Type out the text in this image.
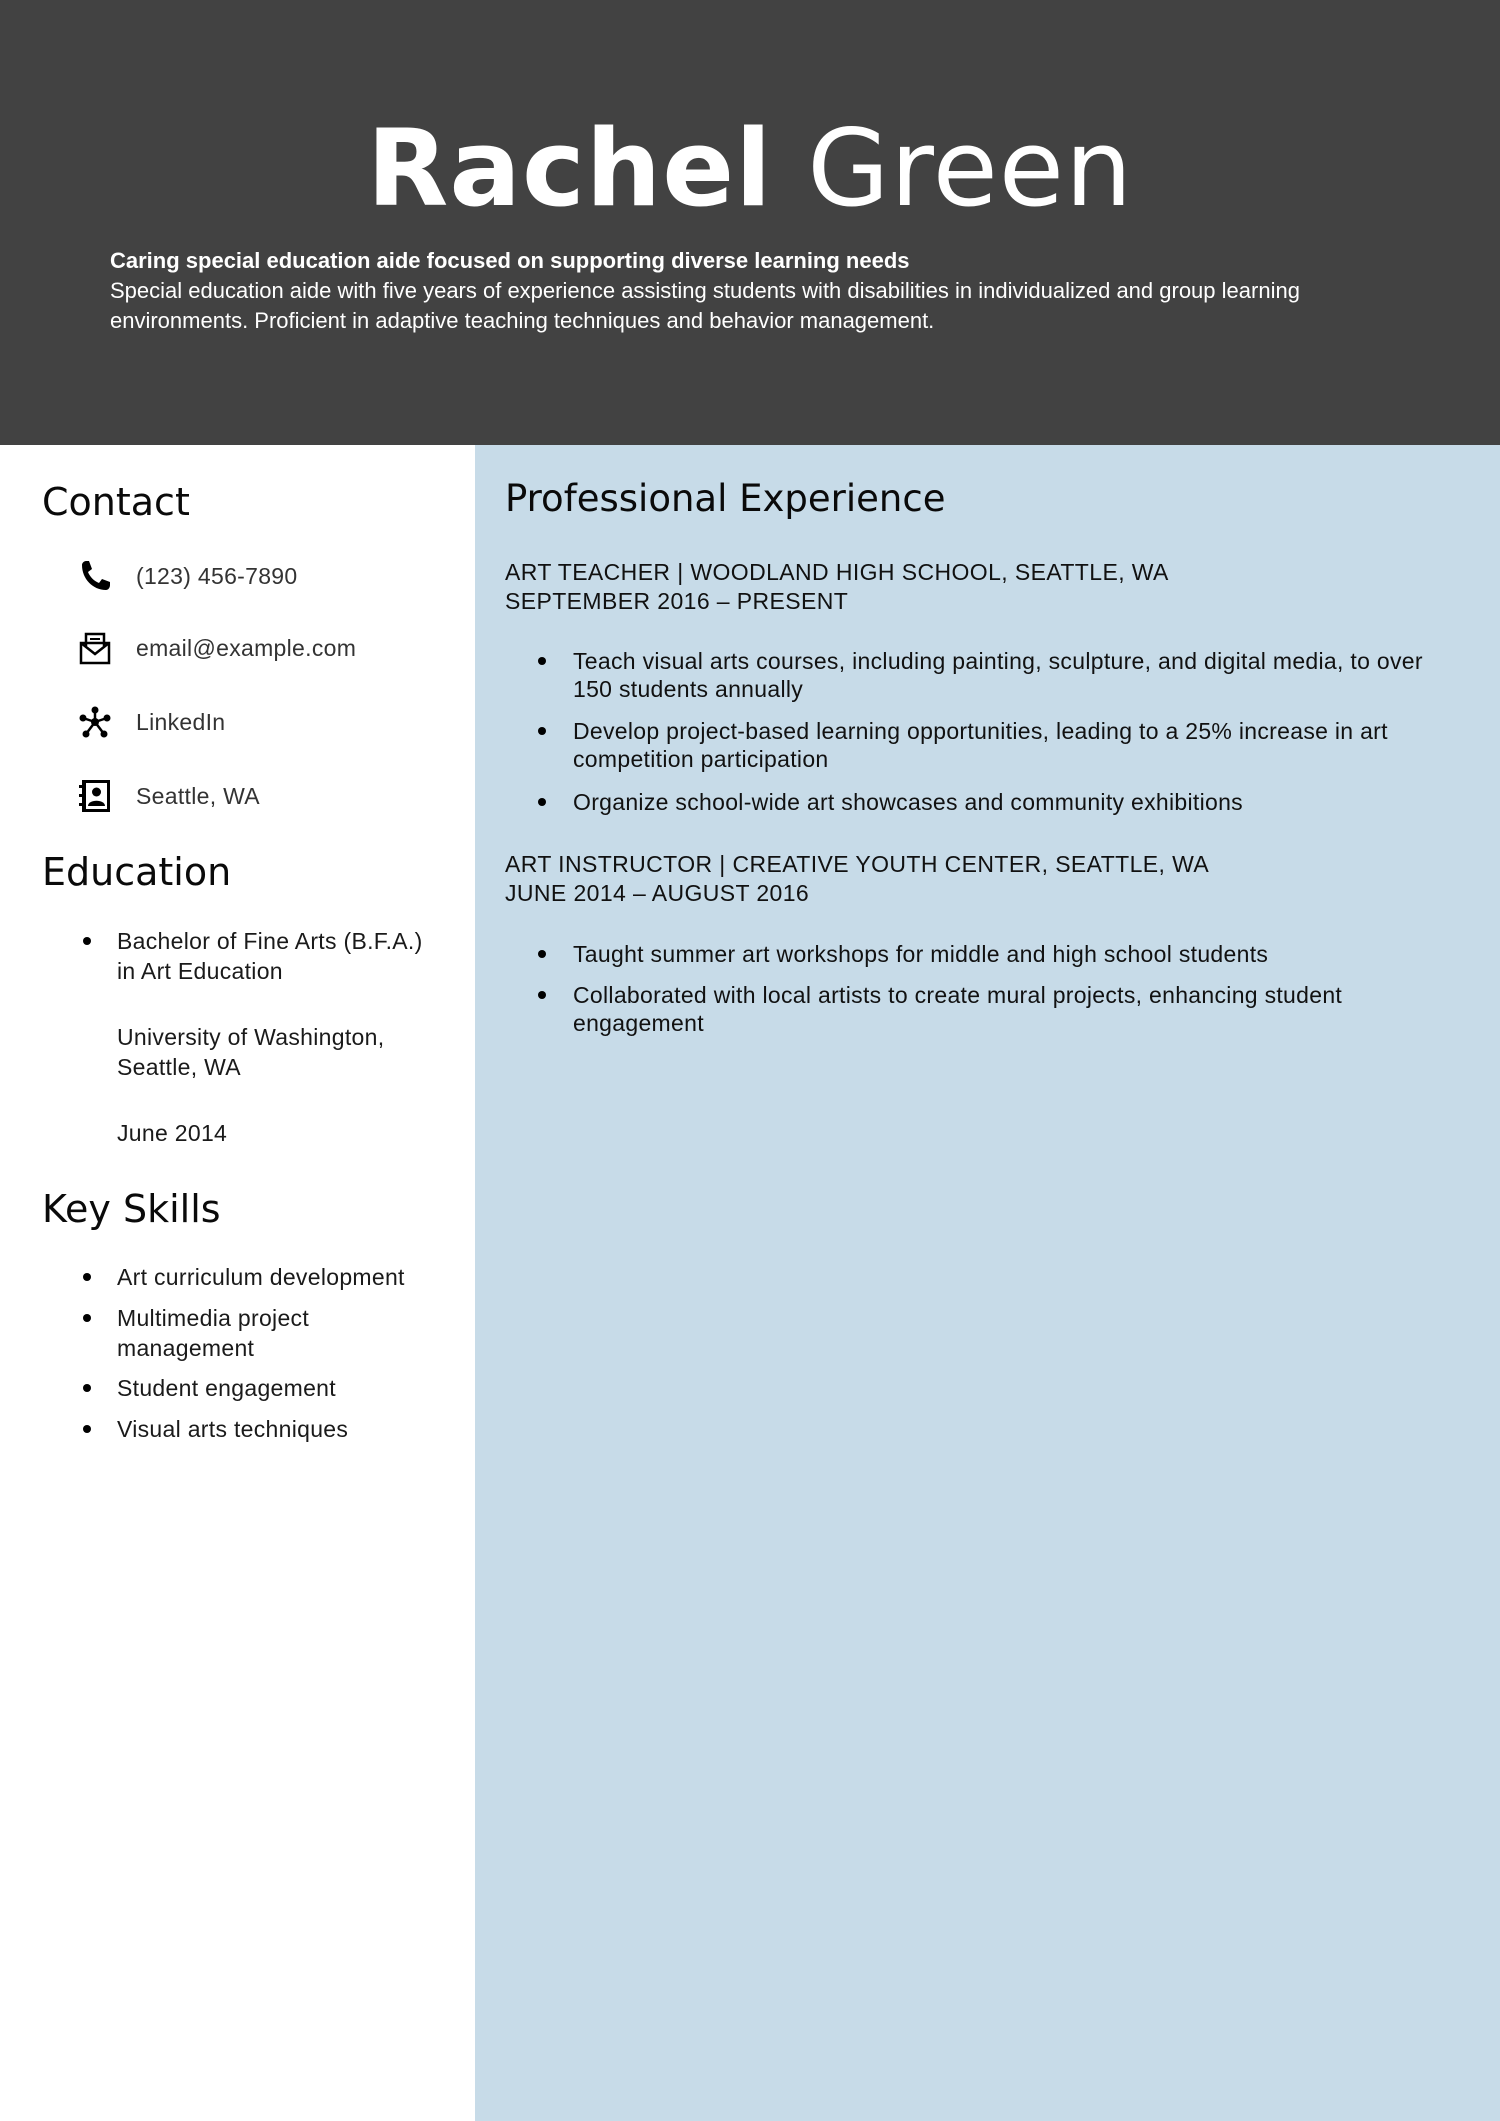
Rachel Green
Caring special education aide focused on supporting diverse learning needs
Special education aide with five years of experience assisting students with disabilities in individualized and group learning environments. Proficient in adaptive teaching techniques and behavior management.
Contact
(123) 456-7890
email@example.com
LinkedIn
Seattle, WA
Education
Bachelor of Fine Arts (B.F.A.) in Art Education
University of Washington, Seattle, WA
June 2014
Key Skills
Art curriculum development
Multimedia project management
Student engagement
Visual arts techniques
Professional Experience
ART TEACHER | WOODLAND HIGH SCHOOL, SEATTLE, WA
SEPTEMBER 2016 – PRESENT
Teach visual arts courses, including painting, sculpture, and digital media, to over 150 students annually
Develop project-based learning opportunities, leading to a 25% increase in art competition participation
Organize school-wide art showcases and community exhibitions
ART INSTRUCTOR | CREATIVE YOUTH CENTER, SEATTLE, WA
JUNE 2014 – AUGUST 2016
Taught summer art workshops for middle and high school students
Collaborated with local artists to create mural projects, enhancing student engagement
